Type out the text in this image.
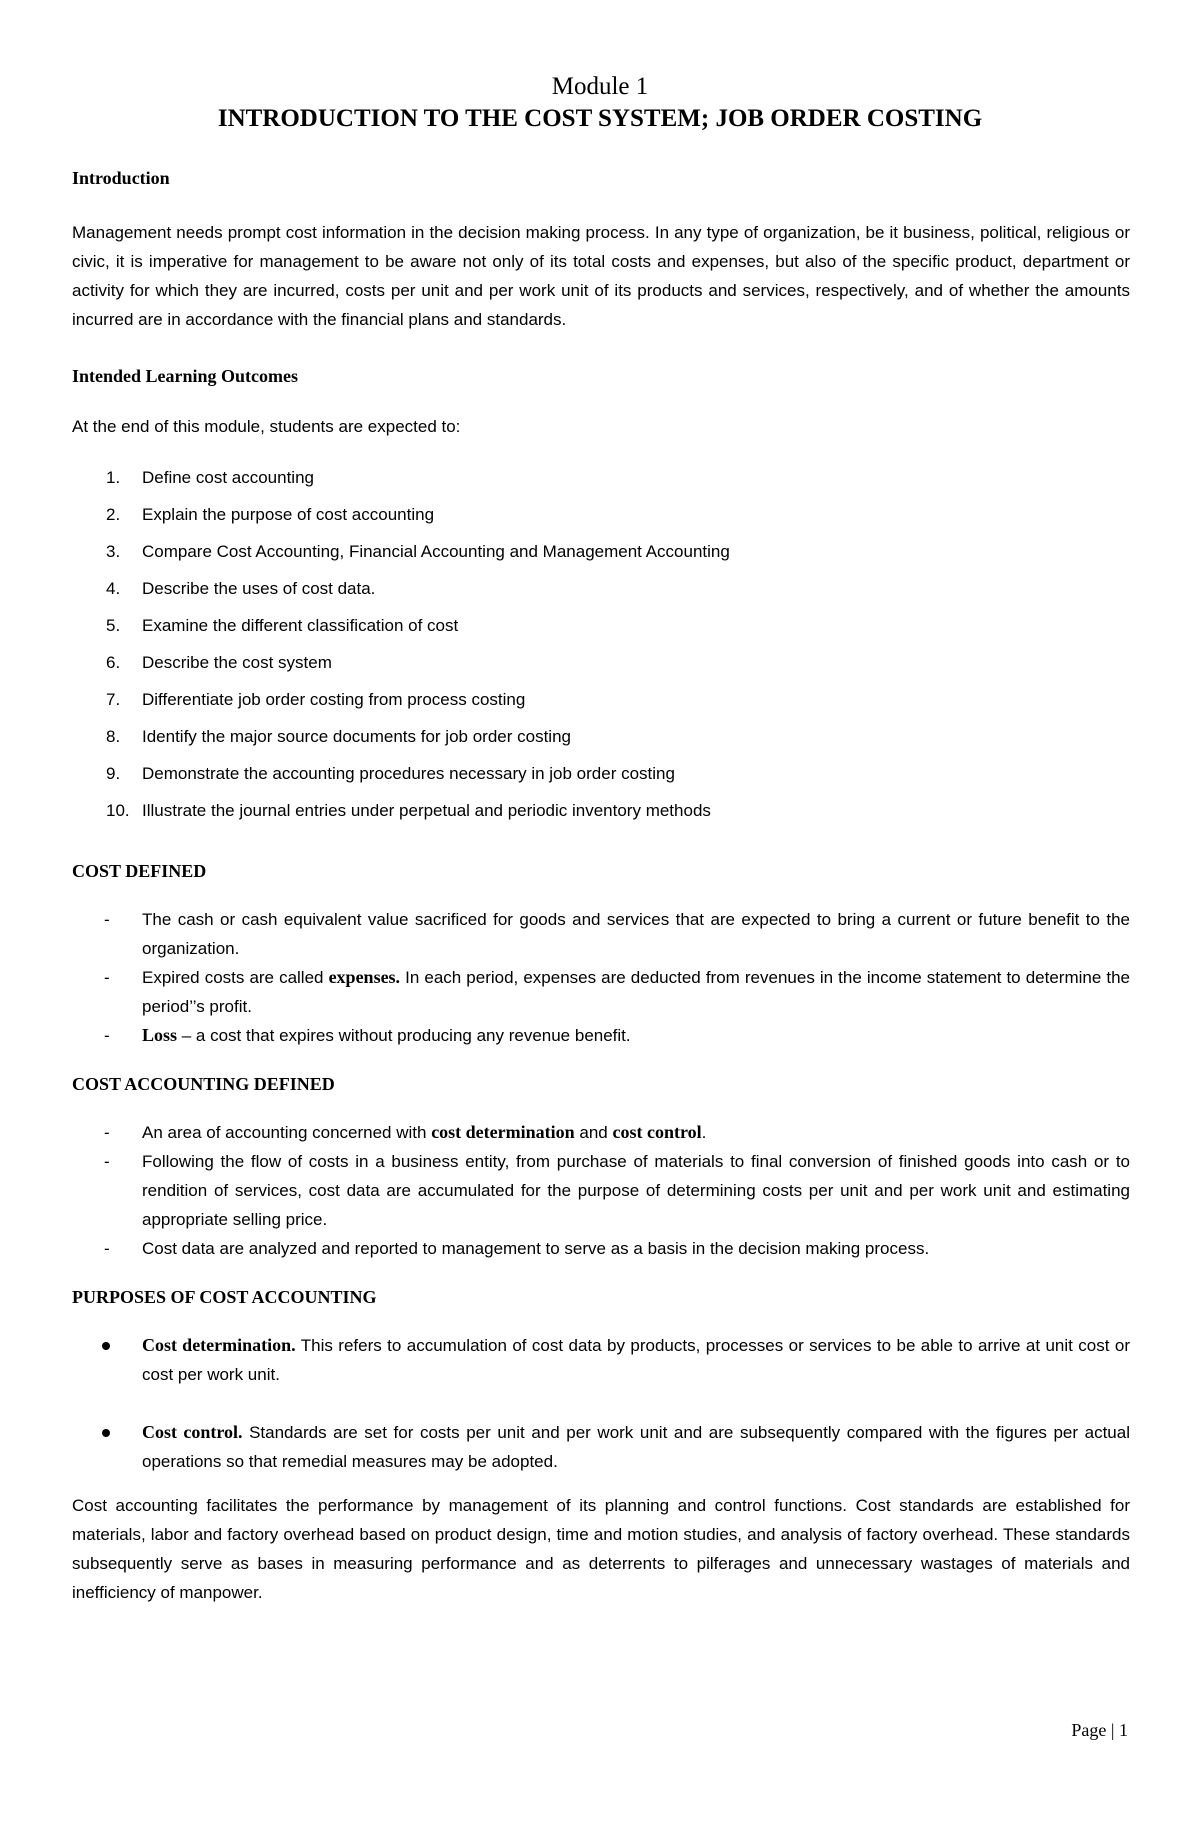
Module 1
INTRODUCTION TO THE COST SYSTEM; JOB ORDER COSTING

Introduction

Management needs prompt cost information in the decision making process. In any type of organization, be it business, political, religious or civic, it is imperative for management to be aware not only of its total costs and expenses, but also of the specific product, department or activity for which they are incurred, costs per unit and per work unit of its products and services, respectively, and of whether the amounts incurred are in accordance with the financial plans and standards.

Intended Learning Outcomes

At the end of this module, students are expected to:

1. Define cost accounting
2. Explain the purpose of cost accounting
3. Compare Cost Accounting, Financial Accounting and Management Accounting
4. Describe the uses of cost data.
5. Examine the different classification of cost
6. Describe the cost system
7. Differentiate job order costing from process costing
8. Identify the major source documents for job order costing
9. Demonstrate the accounting procedures necessary in job order costing
10. Illustrate the journal entries under perpetual and periodic inventory methods

COST DEFINED

- The cash or cash equivalent value sacrificed for goods and services that are expected to bring a current or future benefit to the organization.
- Expired costs are called expenses. In each period, expenses are deducted from revenues in the income statement to determine the period’’s profit.
- Loss – a cost that expires without producing any revenue benefit.

COST ACCOUNTING DEFINED

- An area of accounting concerned with cost determination and cost control.
- Following the flow of costs in a business entity, from purchase of materials to final conversion of finished goods into cash or to rendition of services, cost data are accumulated for the purpose of determining costs per unit and per work unit and estimating appropriate selling price.
- Cost data are analyzed and reported to management to serve as a basis in the decision making process.

PURPOSES OF COST ACCOUNTING

Cost determination. This refers to accumulation of cost data by products, processes or services to be able to arrive at unit cost or cost per work unit.
Cost control. Standards are set for costs per unit and per work unit and are subsequently compared with the figures per actual operations so that remedial measures may be adopted.

Cost accounting facilitates the performance by management of its planning and control functions. Cost standards are established for materials, labor and factory overhead based on product design, time and motion studies, and analysis of factory overhead. These standards subsequently serve as bases in measuring performance and as deterrents to pilferages and unnecessary wastages of materials and inefficiency of manpower.

Page | 1
